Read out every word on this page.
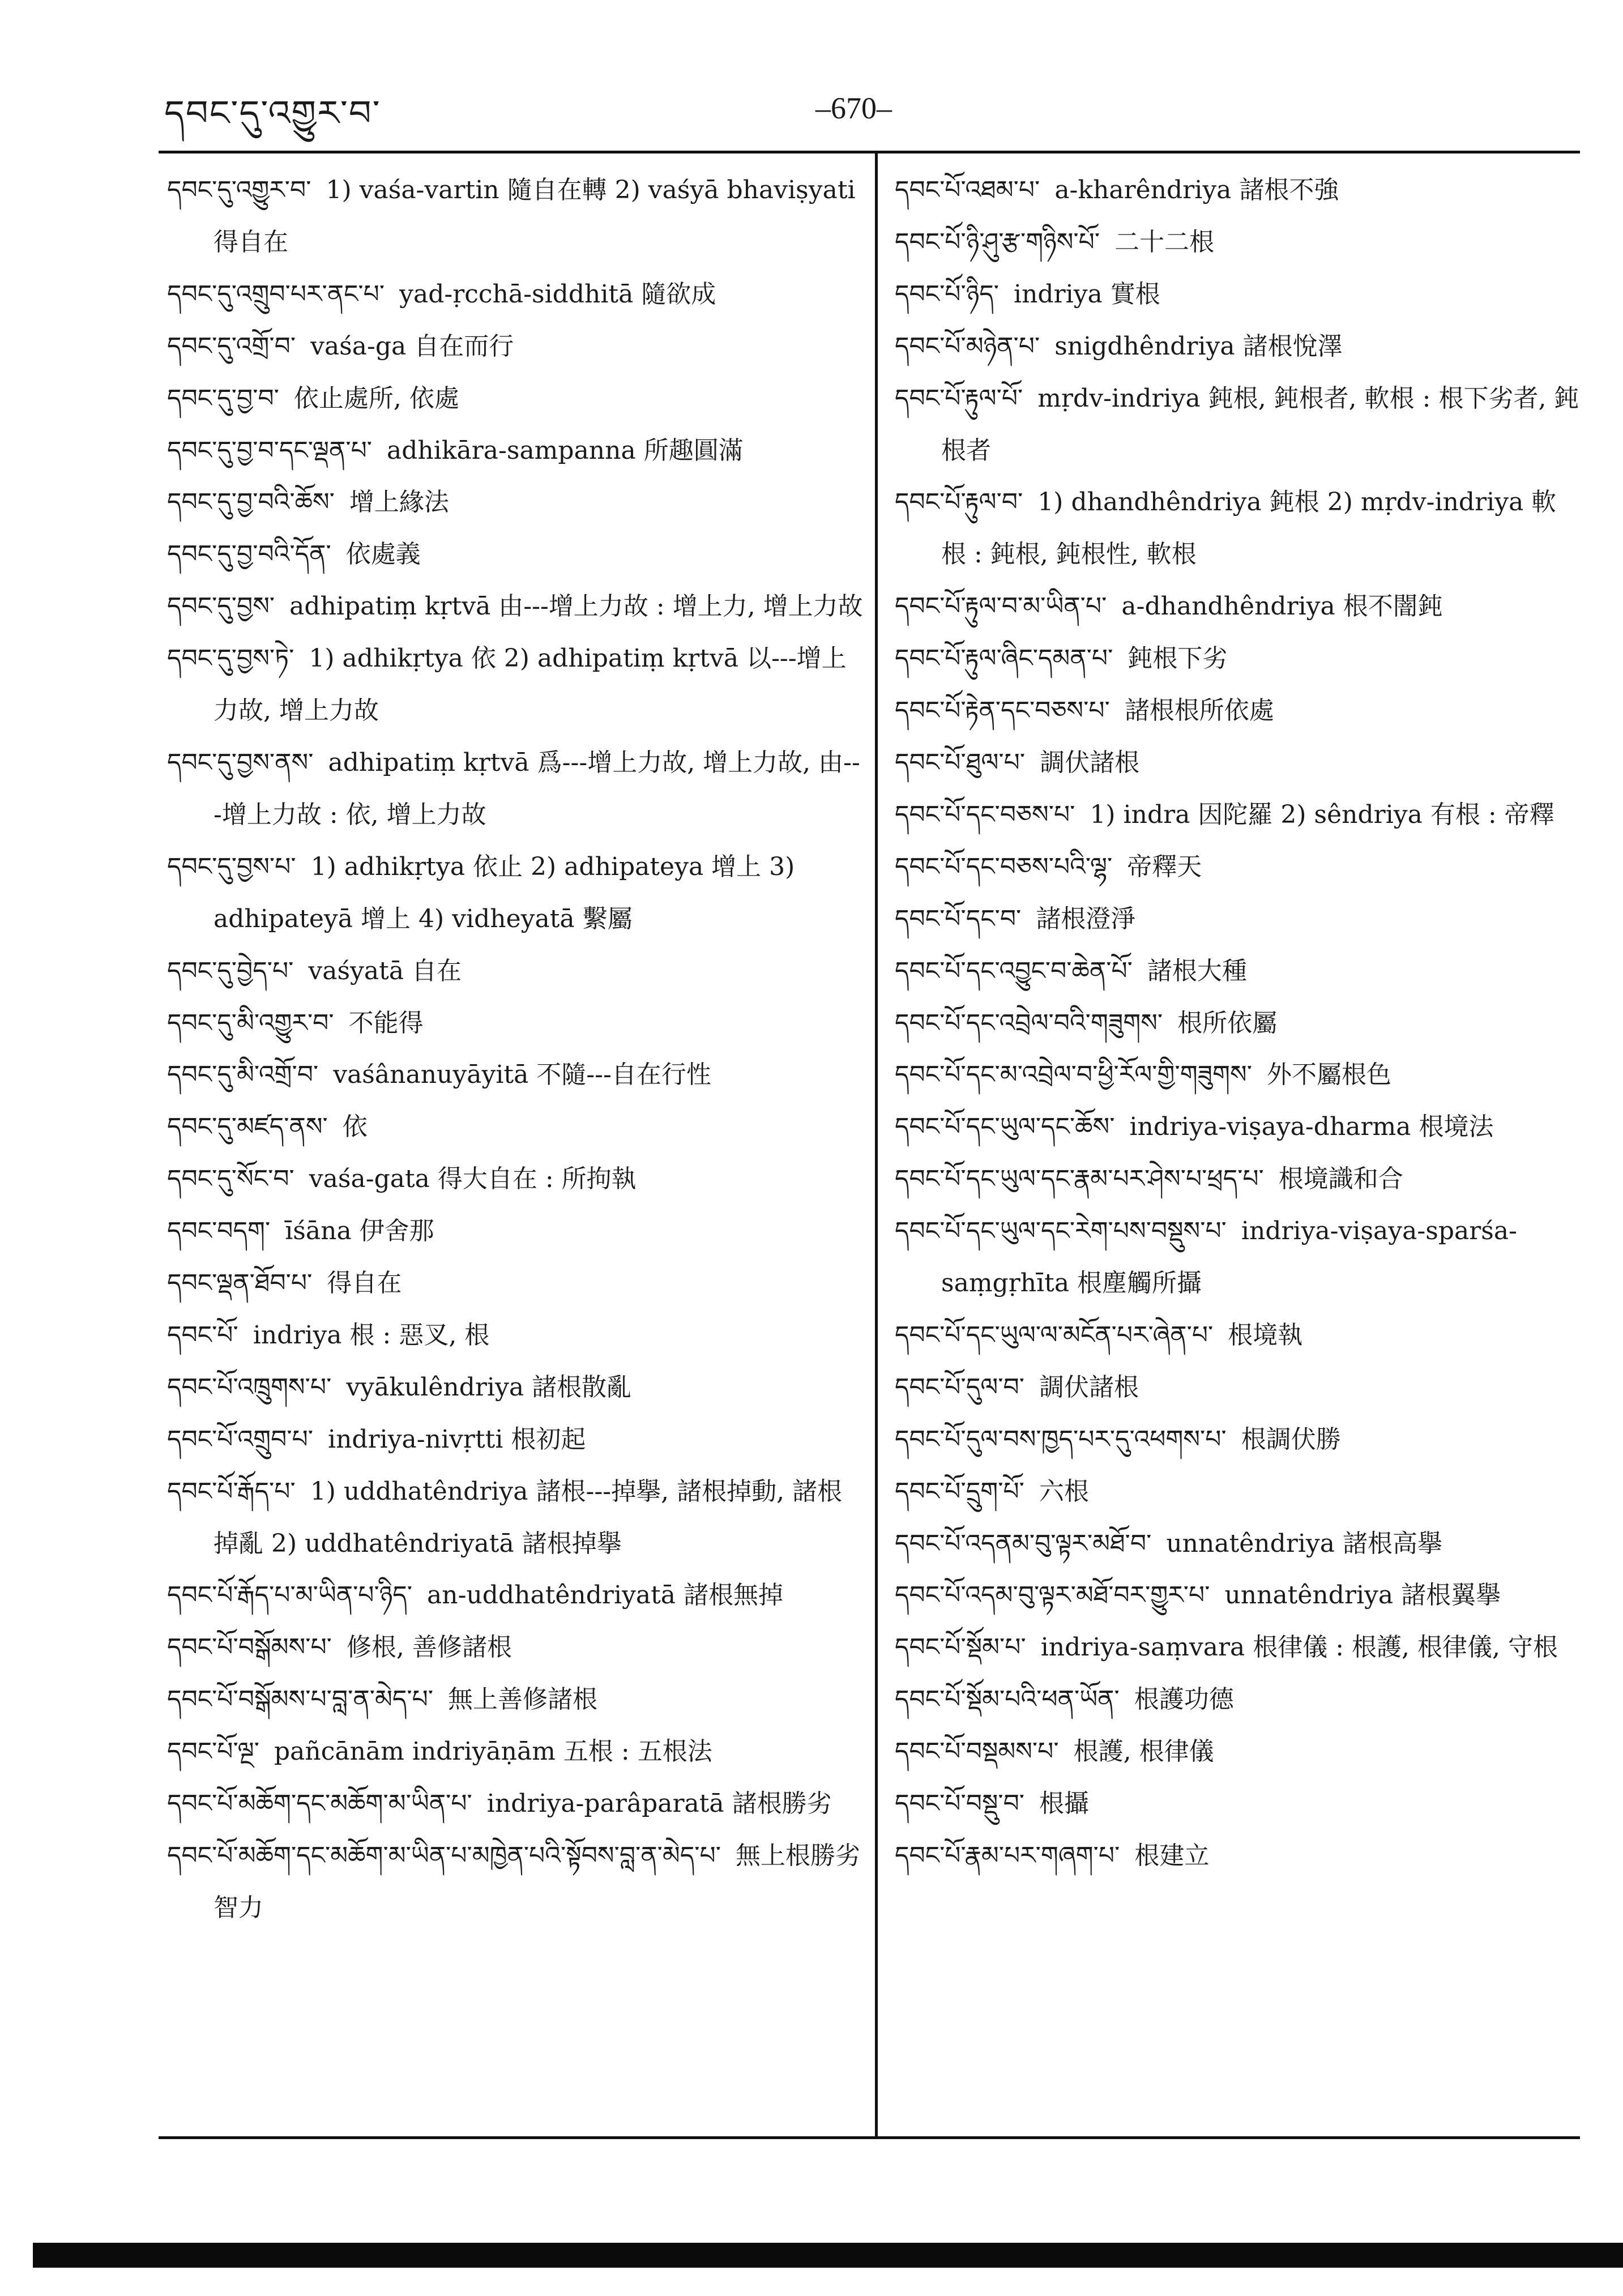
དབང་དུ་འགྱུར་བ་	–670–
དབང་དུ་འགྱུར་བ་ 1) vaśa-vartin 隨自在轉 2) vaśyā bhaviṣyati 得自在
དབང་དུ་འགྲུབ་པར་ནང་པ་ yad-ṛcchā-siddhitā 隨欲成
དབང་དུ་འགྲོ་བ་ vaśa-ga 自在而行
དབང་དུ་བྱ་བ་ 依止處所, 依處
དབང་དུ་བྱ་བ་དང་ལྡན་པ་ adhikāra-sampanna 所趣圓滿
དབང་དུ་བྱ་བའི་ཆོས་ 增上緣法
དབང་དུ་བྱ་བའི་དོན་ 依處義
དབང་དུ་བྱས་ adhipatiṃ kṛtvā 由---增上力故 : 增上力, 增上力故
དབང་དུ་བྱས་ཏེ་ 1) adhikṛtya 依 2) adhipatiṃ kṛtvā 以---增上力故, 增上力故
དབང་དུ་བྱས་ནས་ adhipatiṃ kṛtvā 爲---增上力故, 增上力故, 由---增上力故 : 依, 增上力故
དབང་དུ་བྱས་པ་ 1) adhikṛtya 依止 2) adhipateya 增上 3) adhipateyā 增上 4) vidheyatā 繫屬
དབང་དུ་བྱེད་པ་ vaśyatā 自在
དབང་དུ་མི་འགྱུར་བ་ 不能得
དབང་དུ་མི་འགྲོ་བ་ vaśânanuyāyitā 不隨---自在行性
དབང་དུ་མཛད་ནས་ 依
དབང་དུ་སོང་བ་ vaśa-gata 得大自在 : 所拘執
དབང་བདག་ īśāna 伊舍那
དབང་ལྡན་ཐོབ་པ་ 得自在
དབང་པོ་ indriya 根 : 惡叉, 根
དབང་པོ་འཁྲུགས་པ་ vyākulêndriya 諸根散亂
དབང་པོ་འགྲུབ་པ་ indriya-nivṛtti 根初起
དབང་པོ་རྒོད་པ་ 1) uddhatêndriya 諸根---掉擧, 諸根掉動, 諸根掉亂 2) uddhatêndriyatā 諸根掉擧
དབང་པོ་རྒོད་པ་མ་ཡིན་པ་ཉིད་ an-uddhatêndriyatā 諸根無掉
དབང་པོ་བསྒོམས་པ་ 修根, 善修諸根
དབང་པོ་བསྒོམས་པ་བླ་ན་མེད་པ་ 無上善修諸根
དབང་པོ་ལྔ་ pañcānām indriyāṇām 五根 : 五根法
དབང་པོ་མཆོག་དང་མཆོག་མ་ཡིན་པ་ indriya-parâparatā 諸根勝劣
དབང་པོ་མཆོག་དང་མཆོག་མ་ཡིན་པ་མཁྱེན་པའི་སྟོབས་བླ་ན་མེད་པ་ 無上根勝劣智力
དབང་པོ་འཐམ་པ་ a-kharêndriya 諸根不強
དབང་པོ་ཉི་ཤུ་རྩ་གཉིས་པོ་ 二十二根
དབང་པོ་ཉིད་ indriya 實根
དབང་པོ་མཉེན་པ་ snigdhêndriya 諸根悅澤
དབང་པོ་རྟུལ་པོ་ mṛdv-indriya 鈍根, 鈍根者, 軟根 : 根下劣者, 鈍根者
དབང་པོ་རྟུལ་བ་ 1) dhandhêndriya 鈍根 2) mṛdv-indriya 軟根 : 鈍根, 鈍根性, 軟根
དབང་པོ་རྟུལ་བ་མ་ཡིན་པ་ a-dhandhêndriya 根不闇鈍
དབང་པོ་རྟུལ་ཞིང་དམན་པ་ 鈍根下劣
དབང་པོ་རྟེན་དང་བཅས་པ་ 諸根根所依處
དབང་པོ་ཐུལ་པ་ 調伏諸根
དབང་པོ་དང་བཅས་པ་ 1) indra 因陀羅 2) sêndriya 有根 : 帝釋
དབང་པོ་དང་བཅས་པའི་ལྷ་ 帝釋天
དབང་པོ་དང་བ་ 諸根澄淨
དབང་པོ་དང་འབྱུང་བ་ཆེན་པོ་ 諸根大種
དབང་པོ་དང་འབྲེལ་བའི་གཟུགས་ 根所依屬
དབང་པོ་དང་མ་འབྲེལ་བ་ཕྱི་རོལ་གྱི་གཟུགས་ 外不屬根色
དབང་པོ་དང་ཡུལ་དང་ཆོས་ indriya-viṣaya-dharma 根境法
དབང་པོ་དང་ཡུལ་དང་རྣམ་པར་ཤེས་པ་ཕྲད་པ་ 根境識和合
དབང་པོ་དང་ཡུལ་དང་རེག་པས་བསྡུས་པ་ indriya-viṣaya-sparśa-saṃgṛhīta 根塵觸所攝
དབང་པོ་དང་ཡུལ་ལ་མངོན་པར་ཞེན་པ་ 根境執
དབང་པོ་དུལ་བ་ 調伏諸根
དབང་པོ་དུལ་བས་ཁྱད་པར་དུ་འཕགས་པ་ 根調伏勝
དབང་པོ་དྲུག་པོ་ 六根
དབང་པོ་འདནམ་བུ་ལྟར་མཐོ་བ་ unnatêndriya 諸根高擧
དབང་པོ་འདམ་བུ་ལྟར་མཐོ་བར་གྱུར་པ་ unnatêndriya 諸根翼擧
དབང་པོ་སྡོམ་པ་ indriya-saṃvara 根律儀 : 根護, 根律儀, 守根
དབང་པོ་སྡོམ་པའི་ཕན་ཡོན་ 根護功德
དབང་པོ་བསྡམས་པ་ 根護, 根律儀
དབང་པོ་བསྡུ་བ་ 根攝
དབང་པོ་རྣམ་པར་གཞག་པ་ 根建立
